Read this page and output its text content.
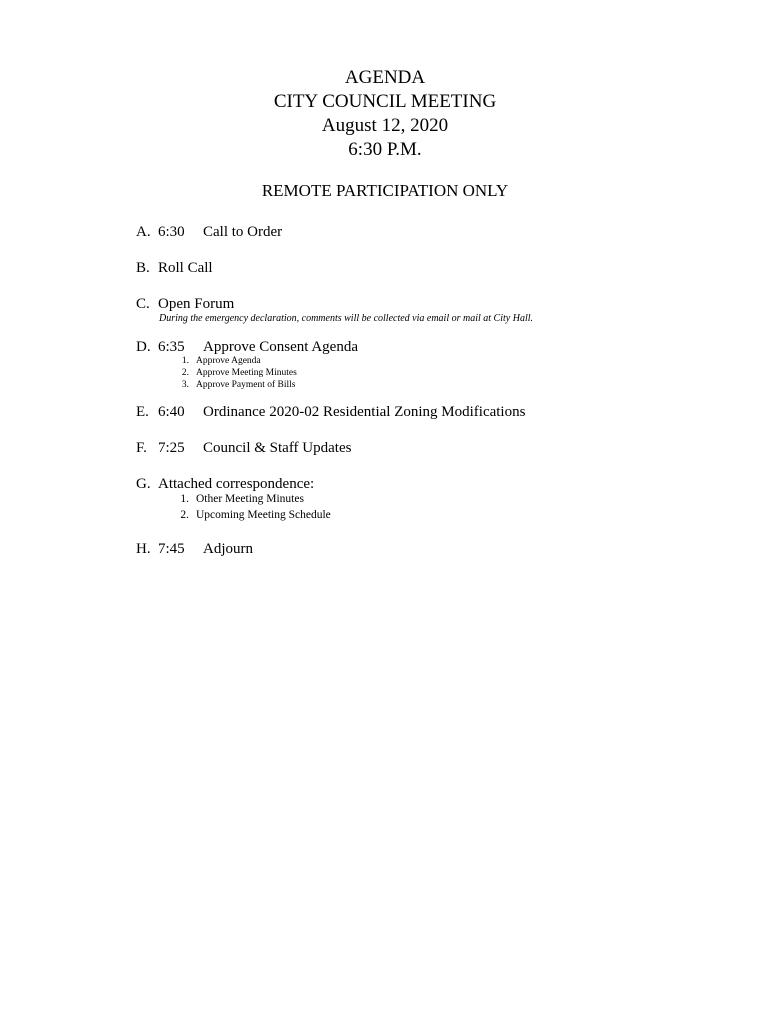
AGENDA
CITY COUNCIL MEETING
August 12, 2020
6:30 P.M.
REMOTE PARTICIPATION ONLY
A. 6:30 Call to Order
B. Roll Call
C. Open Forum
During the emergency declaration, comments will be collected via email or mail at City Hall.
D. 6:35 Approve Consent Agenda
1. Approve Agenda
2. Approve Meeting Minutes
3. Approve Payment of Bills
E. 6:40 Ordinance 2020-02 Residential Zoning Modifications
F. 7:25 Council & Staff Updates
G. Attached correspondence:
1. Other Meeting Minutes
2. Upcoming Meeting Schedule
H. 7:45 Adjourn
